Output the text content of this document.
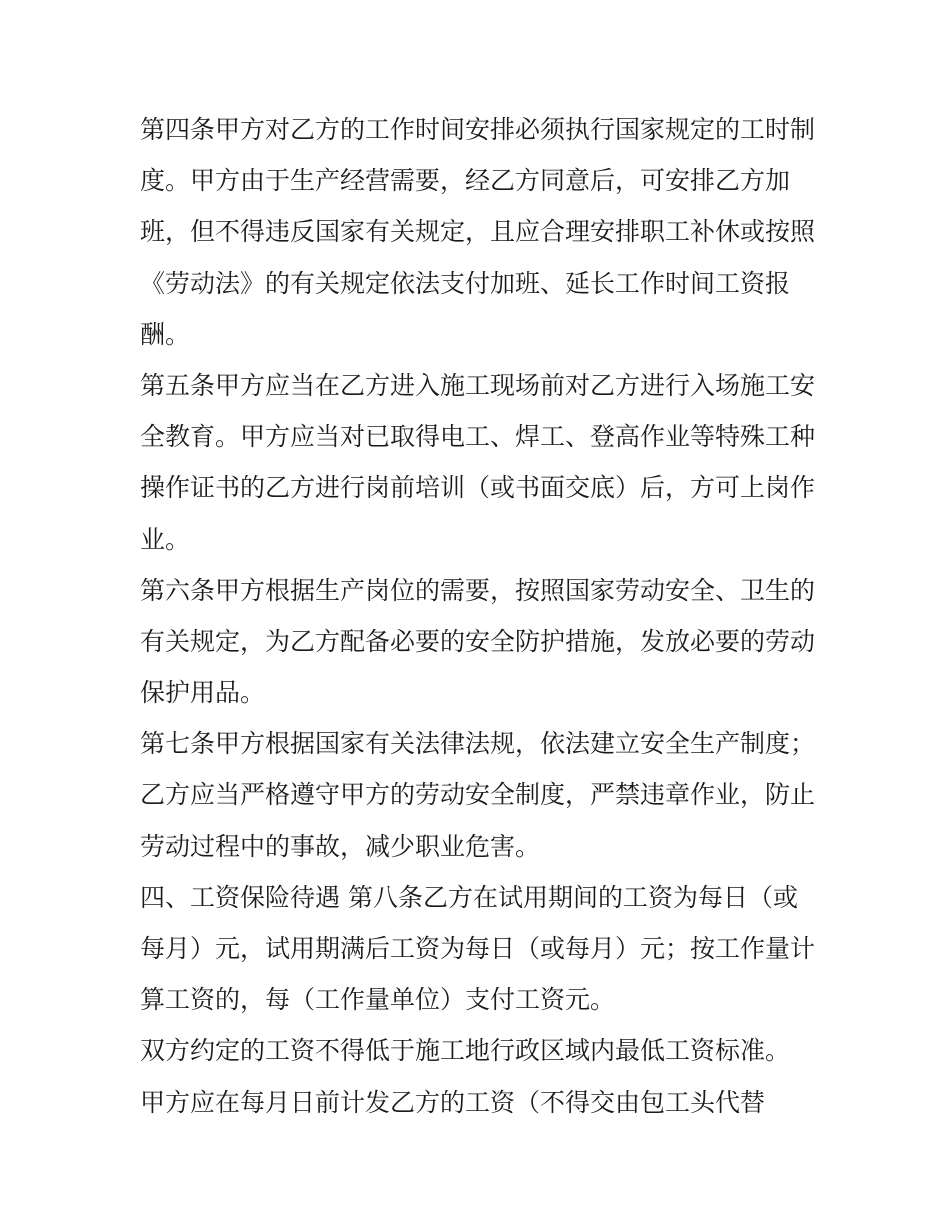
第四条甲方对乙方的工作时间安排必须执行国家规定的工时制
度。甲方由于生产经营需要，经乙方同意后，可安排乙方加
班，但不得违反国家有关规定，且应合理安排职工补休或按照
《劳动法》的有关规定依法支付加班、延长工作时间工资报
酬。
第五条甲方应当在乙方进入施工现场前对乙方进行入场施工安
全教育。甲方应当对已取得电工、焊工、登高作业等特殊工种
操作证书的乙方进行岗前培训（或书面交底）后，方可上岗作
业。
第六条甲方根据生产岗位的需要，按照国家劳动安全、卫生的
有关规定，为乙方配备必要的安全防护措施，发放必要的劳动
保护用品。
第七条甲方根据国家有关法律法规，依法建立安全生产制度；
乙方应当严格遵守甲方的劳动安全制度，严禁违章作业，防止
劳动过程中的事故，减少职业危害。
四、工资保险待遇 第八条乙方在试用期间的工资为每日（或
每月）元，试用期满后工资为每日（或每月）元；按工作量计
算工资的，每（工作量单位）支付工资元。
双方约定的工资不得低于施工地行政区域内最低工资标准。
甲方应在每月日前计发乙方的工资（不得交由包工头代替
